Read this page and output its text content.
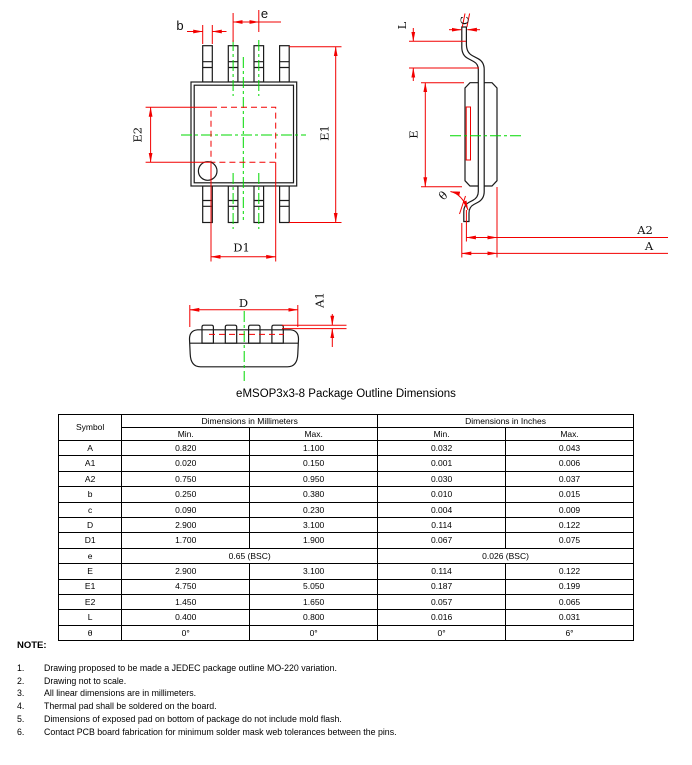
b
e
E2	E1
D1
L
C
E
θ
A2
A
D	A1
eMSOP3x3-8 Package Outline Dimensions
Symbol	Dimensions in Millimeters		Dimensions in Inches	
	Min.	Max.	Min.	Max.
A	0.820	1.100	0.032	0.043
A1	0.020	0.150	0.001	0.006
A2	0.750	0.950	0.030	0.037
b	0.250	0.380	0.010	0.015
c	0.090	0.230	0.004	0.009
D	2.900	3.100	0.114	0.122
D1	1.700	1.900	0.067	0.075
e	0.65 (BSC)		0.026 (BSC)	
E	2.900	3.100	0.114	0.122
E1	4.750	5.050	0.187	0.199
E2	1.450	1.650	0.057	0.065
L	0.400	0.800	0.016	0.031
θ	0°	0°	0°	6°
NOTE:
1.	Drawing proposed to be made a JEDEC package outline MO-220 variation.
2.	Drawing not to scale.
3.	All linear dimensions are in millimeters.
4.	Thermal pad shall be soldered on the board.
5.	Dimensions of exposed pad on bottom of package do not include mold flash.
6.	Contact PCB board fabrication for minimum solder mask web tolerances between the pins.
